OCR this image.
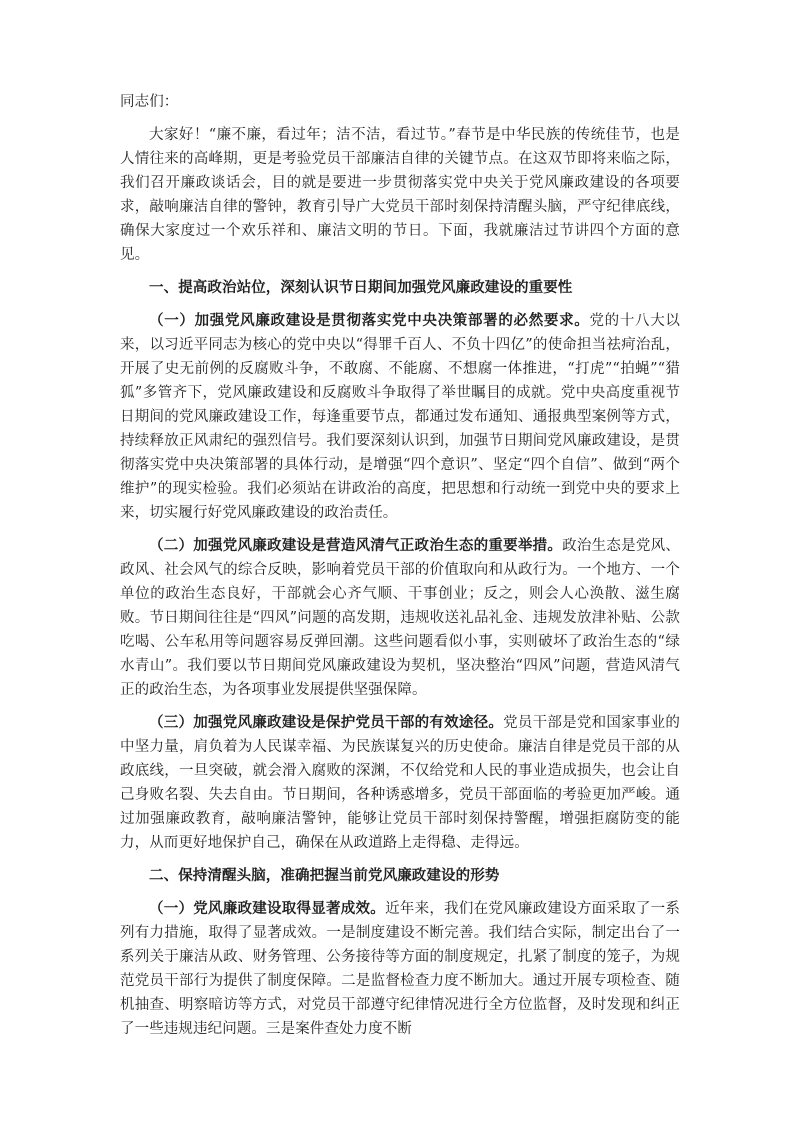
同志们：

大家好！“廉不廉，看过年；洁不洁，看过节。”春节是中华民族的传统佳节，也是人情往来的高峰期，更是考验党员干部廉洁自律的关键节点。在这双节即将来临之际，我们召开廉政谈话会，目的就是要进一步贯彻落实党中央关于党风廉政建设的各项要求，敲响廉洁自律的警钟，教育引导广大党员干部时刻保持清醒头脑，严守纪律底线，确保大家度过一个欢乐祥和、廉洁文明的节日。下面，我就廉洁过节讲四个方面的意见。

一、提高政治站位，深刻认识节日期间加强党风廉政建设的重要性

（一）加强党风廉政建设是贯彻落实党中央决策部署的必然要求。党的十八大以来，以习近平同志为核心的党中央以“得罪千百人、不负十四亿”的使命担当祛疴治乱，开展了史无前例的反腐败斗争，不敢腐、不能腐、不想腐一体推进，“打虎”“拍蝇”“猎狐”多管齐下，党风廉政建设和反腐败斗争取得了举世瞩目的成就。党中央高度重视节日期间的党风廉政建设工作，每逢重要节点，都通过发布通知、通报典型案例等方式，持续释放正风肃纪的强烈信号。我们要深刻认识到，加强节日期间党风廉政建设，是贯彻落实党中央决策部署的具体行动，是增强“四个意识”、坚定“四个自信”、做到“两个维护”的现实检验。我们必须站在讲政治的高度，把思想和行动统一到党中央的要求上来，切实履行好党风廉政建设的政治责任。

（二）加强党风廉政建设是营造风清气正政治生态的重要举措。政治生态是党风、政风、社会风气的综合反映，影响着党员干部的价值取向和从政行为。一个地方、一个单位的政治生态良好，干部就会心齐气顺、干事创业；反之，则会人心涣散、滋生腐败。节日期间往往是“四风”问题的高发期，违规收送礼品礼金、违规发放津补贴、公款吃喝、公车私用等问题容易反弹回潮。这些问题看似小事，实则破坏了政治生态的“绿水青山”。我们要以节日期间党风廉政建设为契机，坚决整治“四风”问题，营造风清气正的政治生态，为各项事业发展提供坚强保障。

（三）加强党风廉政建设是保护党员干部的有效途径。党员干部是党和国家事业的中坚力量，肩负着为人民谋幸福、为民族谋复兴的历史使命。廉洁自律是党员干部的从政底线，一旦突破，就会滑入腐败的深渊，不仅给党和人民的事业造成损失，也会让自己身败名裂、失去自由。节日期间，各种诱惑增多，党员干部面临的考验更加严峻。通过加强廉政教育，敲响廉洁警钟，能够让党员干部时刻保持警醒，增强拒腐防变的能力，从而更好地保护自己，确保在从政道路上走得稳、走得远。

二、保持清醒头脑，准确把握当前党风廉政建设的形势

（一）党风廉政建设取得显著成效。近年来，我们在党风廉政建设方面采取了一系列有力措施，取得了显著成效。一是制度建设不断完善。我们结合实际，制定出台了一系列关于廉洁从政、财务管理、公务接待等方面的制度规定，扎紧了制度的笼子，为规范党员干部行为提供了制度保障。二是监督检查力度不断加大。通过开展专项检查、随机抽查、明察暗访等方式，对党员干部遵守纪律情况进行全方位监督，及时发现和纠正了一些违规违纪问题。三是案件查处力度不断
